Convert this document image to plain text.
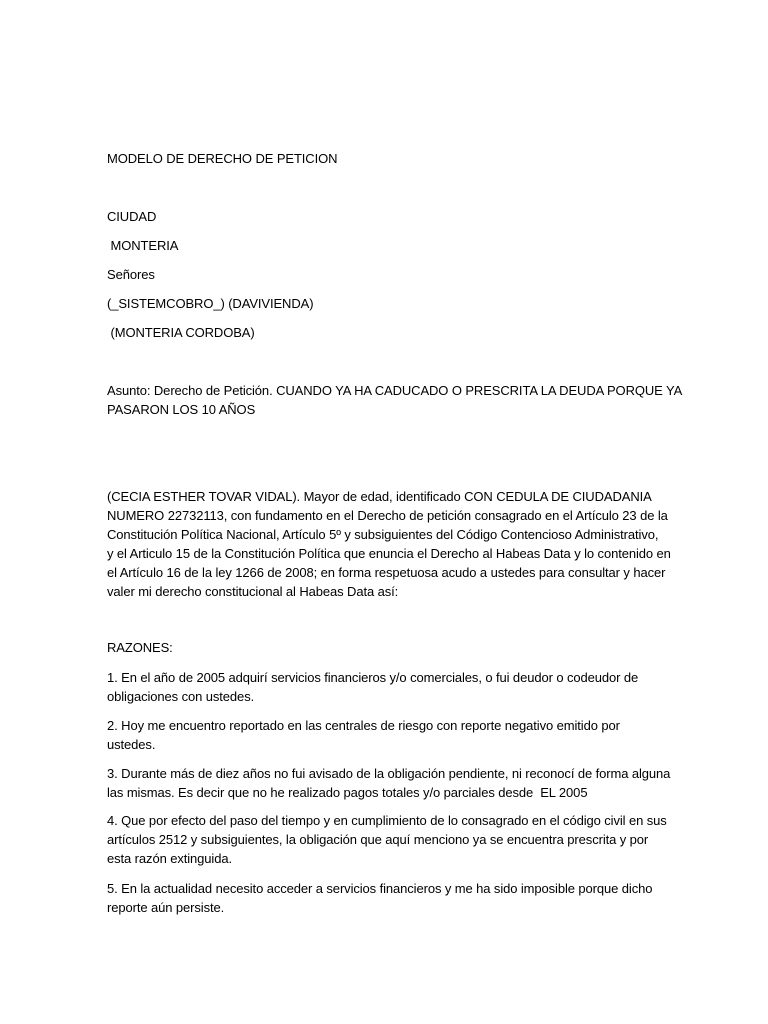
MODELO DE DERECHO DE PETICION
CIUDAD
MONTERIA
Señores
(_SISTEMCOBRO_) (DAVIVIENDA)
(MONTERIA CORDOBA)
Asunto: Derecho de Petición. CUANDO YA HA CADUCADO O PRESCRITA LA DEUDA PORQUE YA
PASARON LOS 10 AÑOS
(CECIA ESTHER TOVAR VIDAL). Mayor de edad, identificado CON CEDULA DE CIUDADANIA
NUMERO 22732113, con fundamento en el Derecho de petición consagrado en el Artículo 23 de la
Constitución Política Nacional, Artículo 5º y subsiguientes del Código Contencioso Administrativo,
y el Articulo 15 de la Constitución Política que enuncia el Derecho al Habeas Data y lo contenido en
el Artículo 16 de la ley 1266 de 2008; en forma respetuosa acudo a ustedes para consultar y hacer
valer mi derecho constitucional al Habeas Data así:
RAZONES:
1. En el año de 2005 adquirí servicios financieros y/o comerciales, o fui deudor o codeudor de
obligaciones con ustedes.
2. Hoy me encuentro reportado en las centrales de riesgo con reporte negativo emitido por
ustedes.
3. Durante más de diez años no fui avisado de la obligación pendiente, ni reconocí de forma alguna
las mismas. Es decir que no he realizado pagos totales y/o parciales desde  EL 2005
4. Que por efecto del paso del tiempo y en cumplimiento de lo consagrado en el código civil en sus
artículos 2512 y subsiguientes, la obligación que aquí menciono ya se encuentra prescrita y por
esta razón extinguida.
5. En la actualidad necesito acceder a servicios financieros y me ha sido imposible porque dicho
reporte aún persiste.
